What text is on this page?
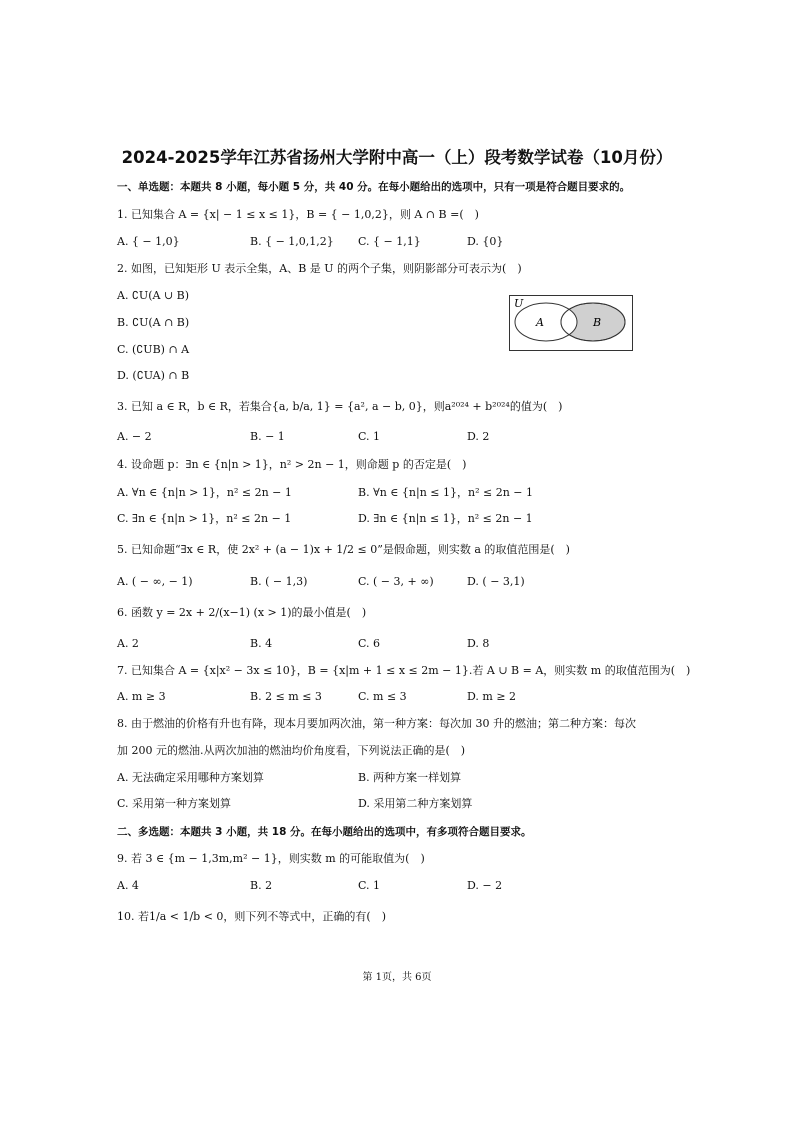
2024-2025学年江苏省扬州大学附中高一（上）段考数学试卷（10月份）
一、单选题：本题共 8 小题，每小题 5 分，共 40 分。在每小题给出的选项中，只有一项是符合题目要求的。
1. 已知集合 A = {x| − 1 ≤ x ≤ 1}，B = { − 1,0,2}，则 A ∩ B =(　)
A. { − 1,0}	B. { − 1,0,1,2} C. { − 1,1}	D. {0}
2. 如图，已知矩形 U 表示全集，A、B 是 U 的两个子集，则阴影部分可表示为(　)
A. ∁U(A ∪ B)
B. ∁U(A ∩ B)
C. (∁UB) ∩ A
D. (∁UA) ∩ B
U
A	B
3. 已知 a ∈ R，b ∈ R，若集合{a, b/a, 1} = {a², a − b, 0}，则a²⁰²⁴ + b²⁰²⁴的值为(　)
A. − 2	B. − 1	C. 1	D. 2
4. 设命题 p：∃n ∈ {n|n > 1}，n² > 2n − 1，则命题 p 的否定是(　)
A. ∀n ∈ {n|n > 1}，n² ≤ 2n − 1	B. ∀n ∈ {n|n ≤ 1}，n² ≤ 2n − 1
C. ∃n ∈ {n|n > 1}，n² ≤ 2n − 1	D. ∃n ∈ {n|n ≤ 1}，n² ≤ 2n − 1
5. 已知命题“∃x ∈ R，使 2x² + (a − 1)x + 1/2 ≤ 0”是假命题，则实数 a 的取值范围是(　)
A. ( − ∞, − 1)	B. ( − 1,3)	C. ( − 3, + ∞)	D. ( − 3,1)
6. 函数 y = 2x + 2/(x−1) (x > 1)的最小值是(　)
A. 2	B. 4	C. 6	D. 8
7. 已知集合 A = {x|x² − 3x ≤ 10}，B = {x|m + 1 ≤ x ≤ 2m − 1}.若 A ∪ B = A，则实数 m 的取值范围为(　)
A. m ≥ 3	B. 2 ≤ m ≤ 3	C. m ≤ 3	D. m ≥ 2
8. 由于燃油的价格有升也有降，现本月要加两次油，第一种方案：每次加 30 升的燃油；第二种方案：每次
加 200 元的燃油.从两次加油的燃油均价角度看，下列说法正确的是(　)
A. 无法确定采用哪种方案划算	B. 两种方案一样划算
C. 采用第一种方案划算	D. 采用第二种方案划算
二、多选题：本题共 3 小题，共 18 分。在每小题给出的选项中，有多项符合题目要求。
9. 若 3 ∈ {m − 1,3m,m² − 1}，则实数 m 的可能取值为(　)
A. 4	B. 2	C. 1	D. − 2
10. 若1/a < 1/b < 0，则下列不等式中，正确的有(　)
第 1页，共 6页
